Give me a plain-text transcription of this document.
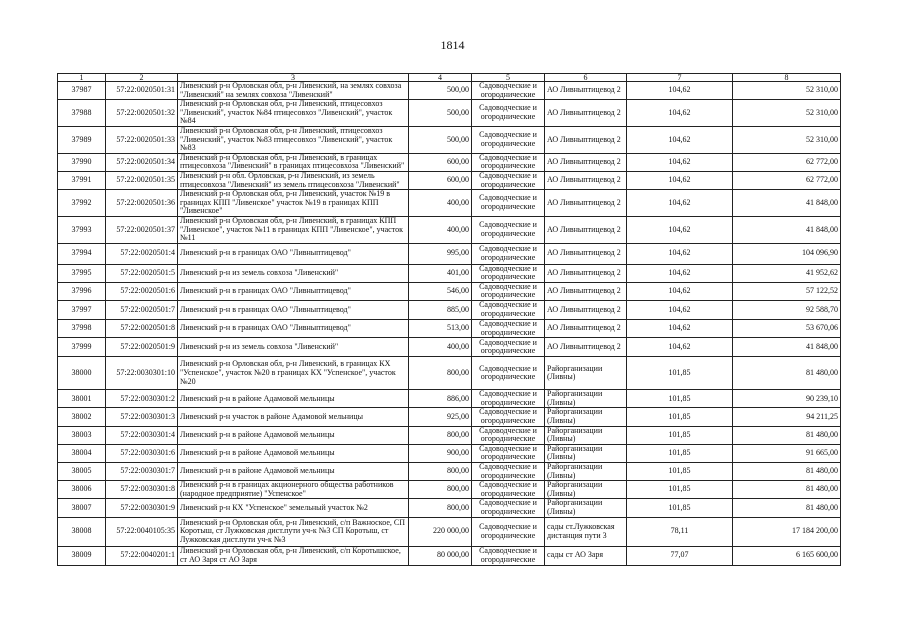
1814
1	2	3	4	5	6	7	8
37987	57:22:0020501:31	Ливенский р-н Орловская обл, р-н Ливенский, на землях совхоза "Ливенский" на землях совхоза "Ливенский"	500,00	Садоводческие и огороднические	АО Ливныптицевод 2	104,62	52 310,00
37988	57:22:0020501:32	Ливенский р-н Орловская обл, р-н Ливенский, птицесовхоз "Ливенский", участок №84 птицесовхоз "Ливенский", участок №84	500,00	Садоводческие и огороднические	АО Ливныптицевод 2	104,62	52 310,00
37989	57:22:0020501:33	Ливенский р-н Орловская обл, р-н Ливенский, птицесовхоз "Ливенский", участок №83 птицесовхоз "Ливенский", участок №83	500,00	Садоводческие и огороднические	АО Ливныптицевод 2	104,62	52 310,00
37990	57:22:0020501:34	Ливенский р-н Орловская обл, р-н Ливенский, в границах птицесовхоза "Ливенский" в границах птицесовхоза "Ливенский"	600,00	Садоводческие и огороднические	АО Ливныптицевод 2	104,62	62 772,00
37991	57:22:0020501:35	Ливенский р-н обл. Орловская, р-н Ливенский, из земель птицесовхоза "Ливенский" из земель птицесовхоза "Ливенский"	600,00	Садоводческие и огороднические	АО Ливныптицевод 2	104,62	62 772,00
37992	57:22:0020501:36	Ливенский р-н Орловская обл, р-н Ливенский, участок №19 в границах КПП "Ливенское" участок №19 в границах КПП "Ливенское"	400,00	Садоводческие и огороднические	АО Ливныптицевод 2	104,62	41 848,00
37993	57:22:0020501:37	Ливенский р-н Орловская обл, р-н Ливенский, в границах КПП "Ливенское", участок №11 в границах КПП "Ливенское", участок №11	400,00	Садоводческие и огороднические	АО Ливныптицевод 2	104,62	41 848,00
37994	57:22:0020501:4	Ливенский р-н в границах ОАО "Ливныптицевод"	995,00	Садоводческие и огороднические	АО Ливныптицевод 2	104,62	104 096,90
37995	57:22:0020501:5	Ливенский р-н из земель совхоза "Ливенский"	401,00	Садоводческие и огороднические	АО Ливныптицевод 2	104,62	41 952,62
37996	57:22:0020501:6	Ливенский р-н в границах ОАО "Ливныптицевод"	546,00	Садоводческие и огороднические	АО Ливныптицевод 2	104,62	57 122,52
37997	57:22:0020501:7	Ливенский р-н в границах ОАО "Ливныптицевод"	885,00	Садоводческие и огороднические	АО Ливныптицевод 2	104,62	92 588,70
37998	57:22:0020501:8	Ливенский р-н в границах ОАО "Ливныптицевод"	513,00	Садоводческие и огороднические	АО Ливныптицевод 2	104,62	53 670,06
37999	57:22:0020501:9	Ливенский р-н из земель совхоза "Ливенский"	400,00	Садоводческие и огороднические	АО Ливныптицевод 2	104,62	41 848,00
38000	57:22:0030301:10	Ливенский р-н Орловская обл, р-н Ливенский, в границах КХ "Успенское", участок №20 в границах КХ "Успенское", участок №20	800,00	Садоводческие и огороднические	Райорганизации (Ливны)	101,85	81 480,00
38001	57:22:0030301:2	Ливенский р-н в районе Адамовой мельницы	886,00	Садоводческие и огороднические	Райорганизации (Ливны)	101,85	90 239,10
38002	57:22:0030301:3	Ливенский р-н участок в районе Адамовой мельницы	925,00	Садоводческие и огороднические	Райорганизации (Ливны)	101,85	94 211,25
38003	57:22:0030301:4	Ливенский р-н в районе Адамовой мельницы	800,00	Садоводческие и огороднические	Райорганизации (Ливны)	101,85	81 480,00
38004	57:22:0030301:6	Ливенский р-н в районе Адамовой мельницы	900,00	Садоводческие и огороднические	Райорганизации (Ливны)	101,85	91 665,00
38005	57:22:0030301:7	Ливенский р-н в районе Адамовой мельницы	800,00	Садоводческие и огороднические	Райорганизации (Ливны)	101,85	81 480,00
38006	57:22:0030301:8	Ливенский р-н в границах акционерного общества работников (народное предприятие) "Успенское"	800,00	Садоводческие и огороднические	Райорганизации (Ливны)	101,85	81 480,00
38007	57:22:0030301:9	Ливенский р-н КХ "Успенское" земельный участок №2	800,00	Садоводческие и огороднические	Райорганизации (Ливны)	101,85	81 480,00
38008	57:22:0040105:35	Ливенский р-н Орловская обл, р-н Ливенский, с/п Важноское, СП Коротыш, ст Лужковская дист.пути уч-к №3 СП Коротыш, ст Лужковская дист.пути уч-к №3	220 000,00	Садоводческие и огороднические	сады ст.Лужковская дистанция пути 3	78,11	17 184 200,00
38009	57:22:0040201:1	Ливенский р-н Орловская обл, р-н Ливенский, с/п Коротышское, ст АО Заря ст АО Заря	80 000,00	Садоводческие и огороднические	сады ст АО Заря	77,07	6 165 600,00
